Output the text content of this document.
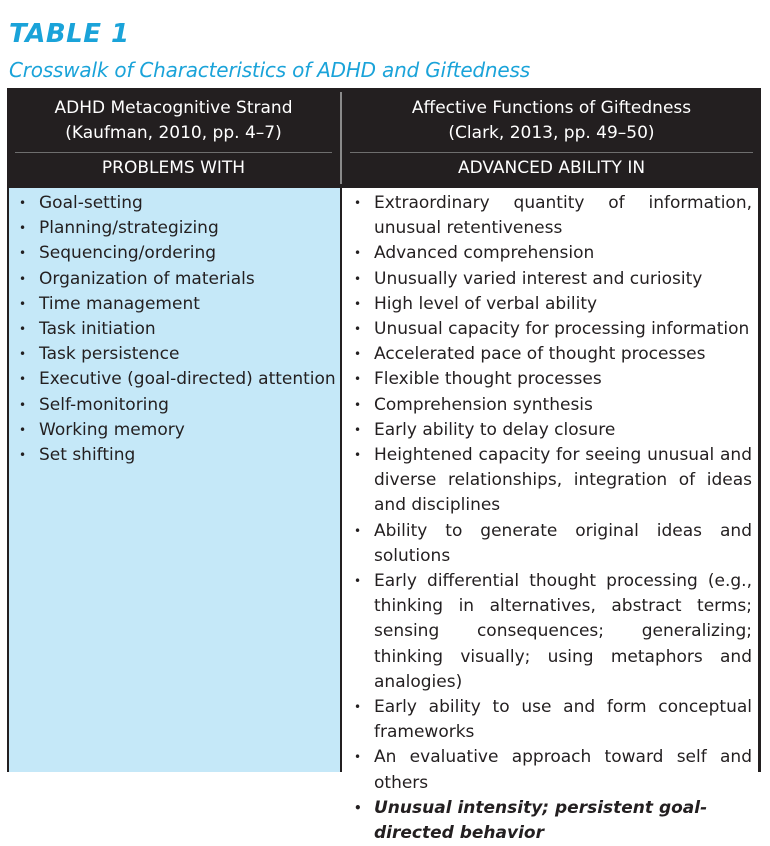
TABLE 1
Crosswalk of Characteristics of ADHD and Giftedness
ADHD Metacognitive Strand
(Kaufman, 2010, pp. 4–7)
PROBLEMS WITH
Affective Functions of Giftedness
(Clark, 2013, pp. 49–50)
ADVANCED ABILITY IN
• Goal-setting
• Planning/strategizing
• Sequencing/ordering
• Organization of materials
• Time management
• Task initiation
• Task persistence
• Executive (goal-directed) attention
• Self-monitoring
• Working memory
• Set shifting
• Extraordinary quantity of information, unusual retentiveness
• Advanced comprehension
• Unusually varied interest and curiosity
• High level of verbal ability
• Unusual capacity for processing information
• Accelerated pace of thought processes
• Flexible thought processes
• Comprehension synthesis
• Early ability to delay closure
• Heightened capacity for seeing unusual and diverse relationships, integration of ideas and disciplines
• Ability to generate original ideas and solutions
• Early differential thought processing (e.g., thinking in alternatives, abstract terms; sensing consequences; generalizing; thinking visually; using metaphors and analogies)
• Early ability to use and form conceptual frameworks
• An evaluative approach toward self and others
• Unusual intensity; persistent goal-directed behavior
